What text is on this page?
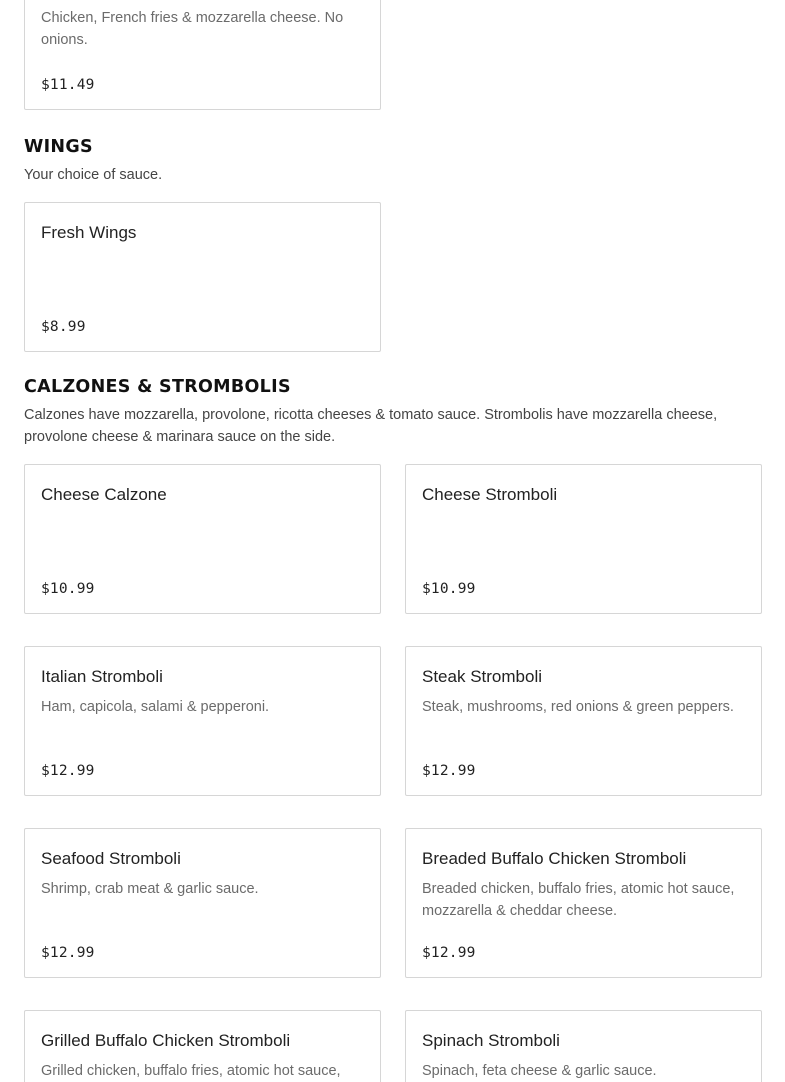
Chicken, French fries & mozzarella cheese. No onions.
$11.49
WINGS
Your choice of sauce.
Fresh Wings
$8.99
CALZONES & STROMBOLIS
Calzones have mozzarella, provolone, ricotta cheeses & tomato sauce. Strombolis have mozzarella cheese, provolone cheese & marinara sauce on the side.
Cheese Calzone
$10.99
Cheese Stromboli
$10.99
Italian Stromboli
Ham, capicola, salami & pepperoni.
$12.99
Steak Stromboli
Steak, mushrooms, red onions & green peppers.
$12.99
Seafood Stromboli
Shrimp, crab meat & garlic sauce.
$12.99
Breaded Buffalo Chicken Stromboli
Breaded chicken, buffalo fries, atomic hot sauce, mozzarella & cheddar cheese.
$12.99
Grilled Buffalo Chicken Stromboli
Grilled chicken, buffalo fries, atomic hot sauce,
Spinach Stromboli
Spinach, feta cheese & garlic sauce.
